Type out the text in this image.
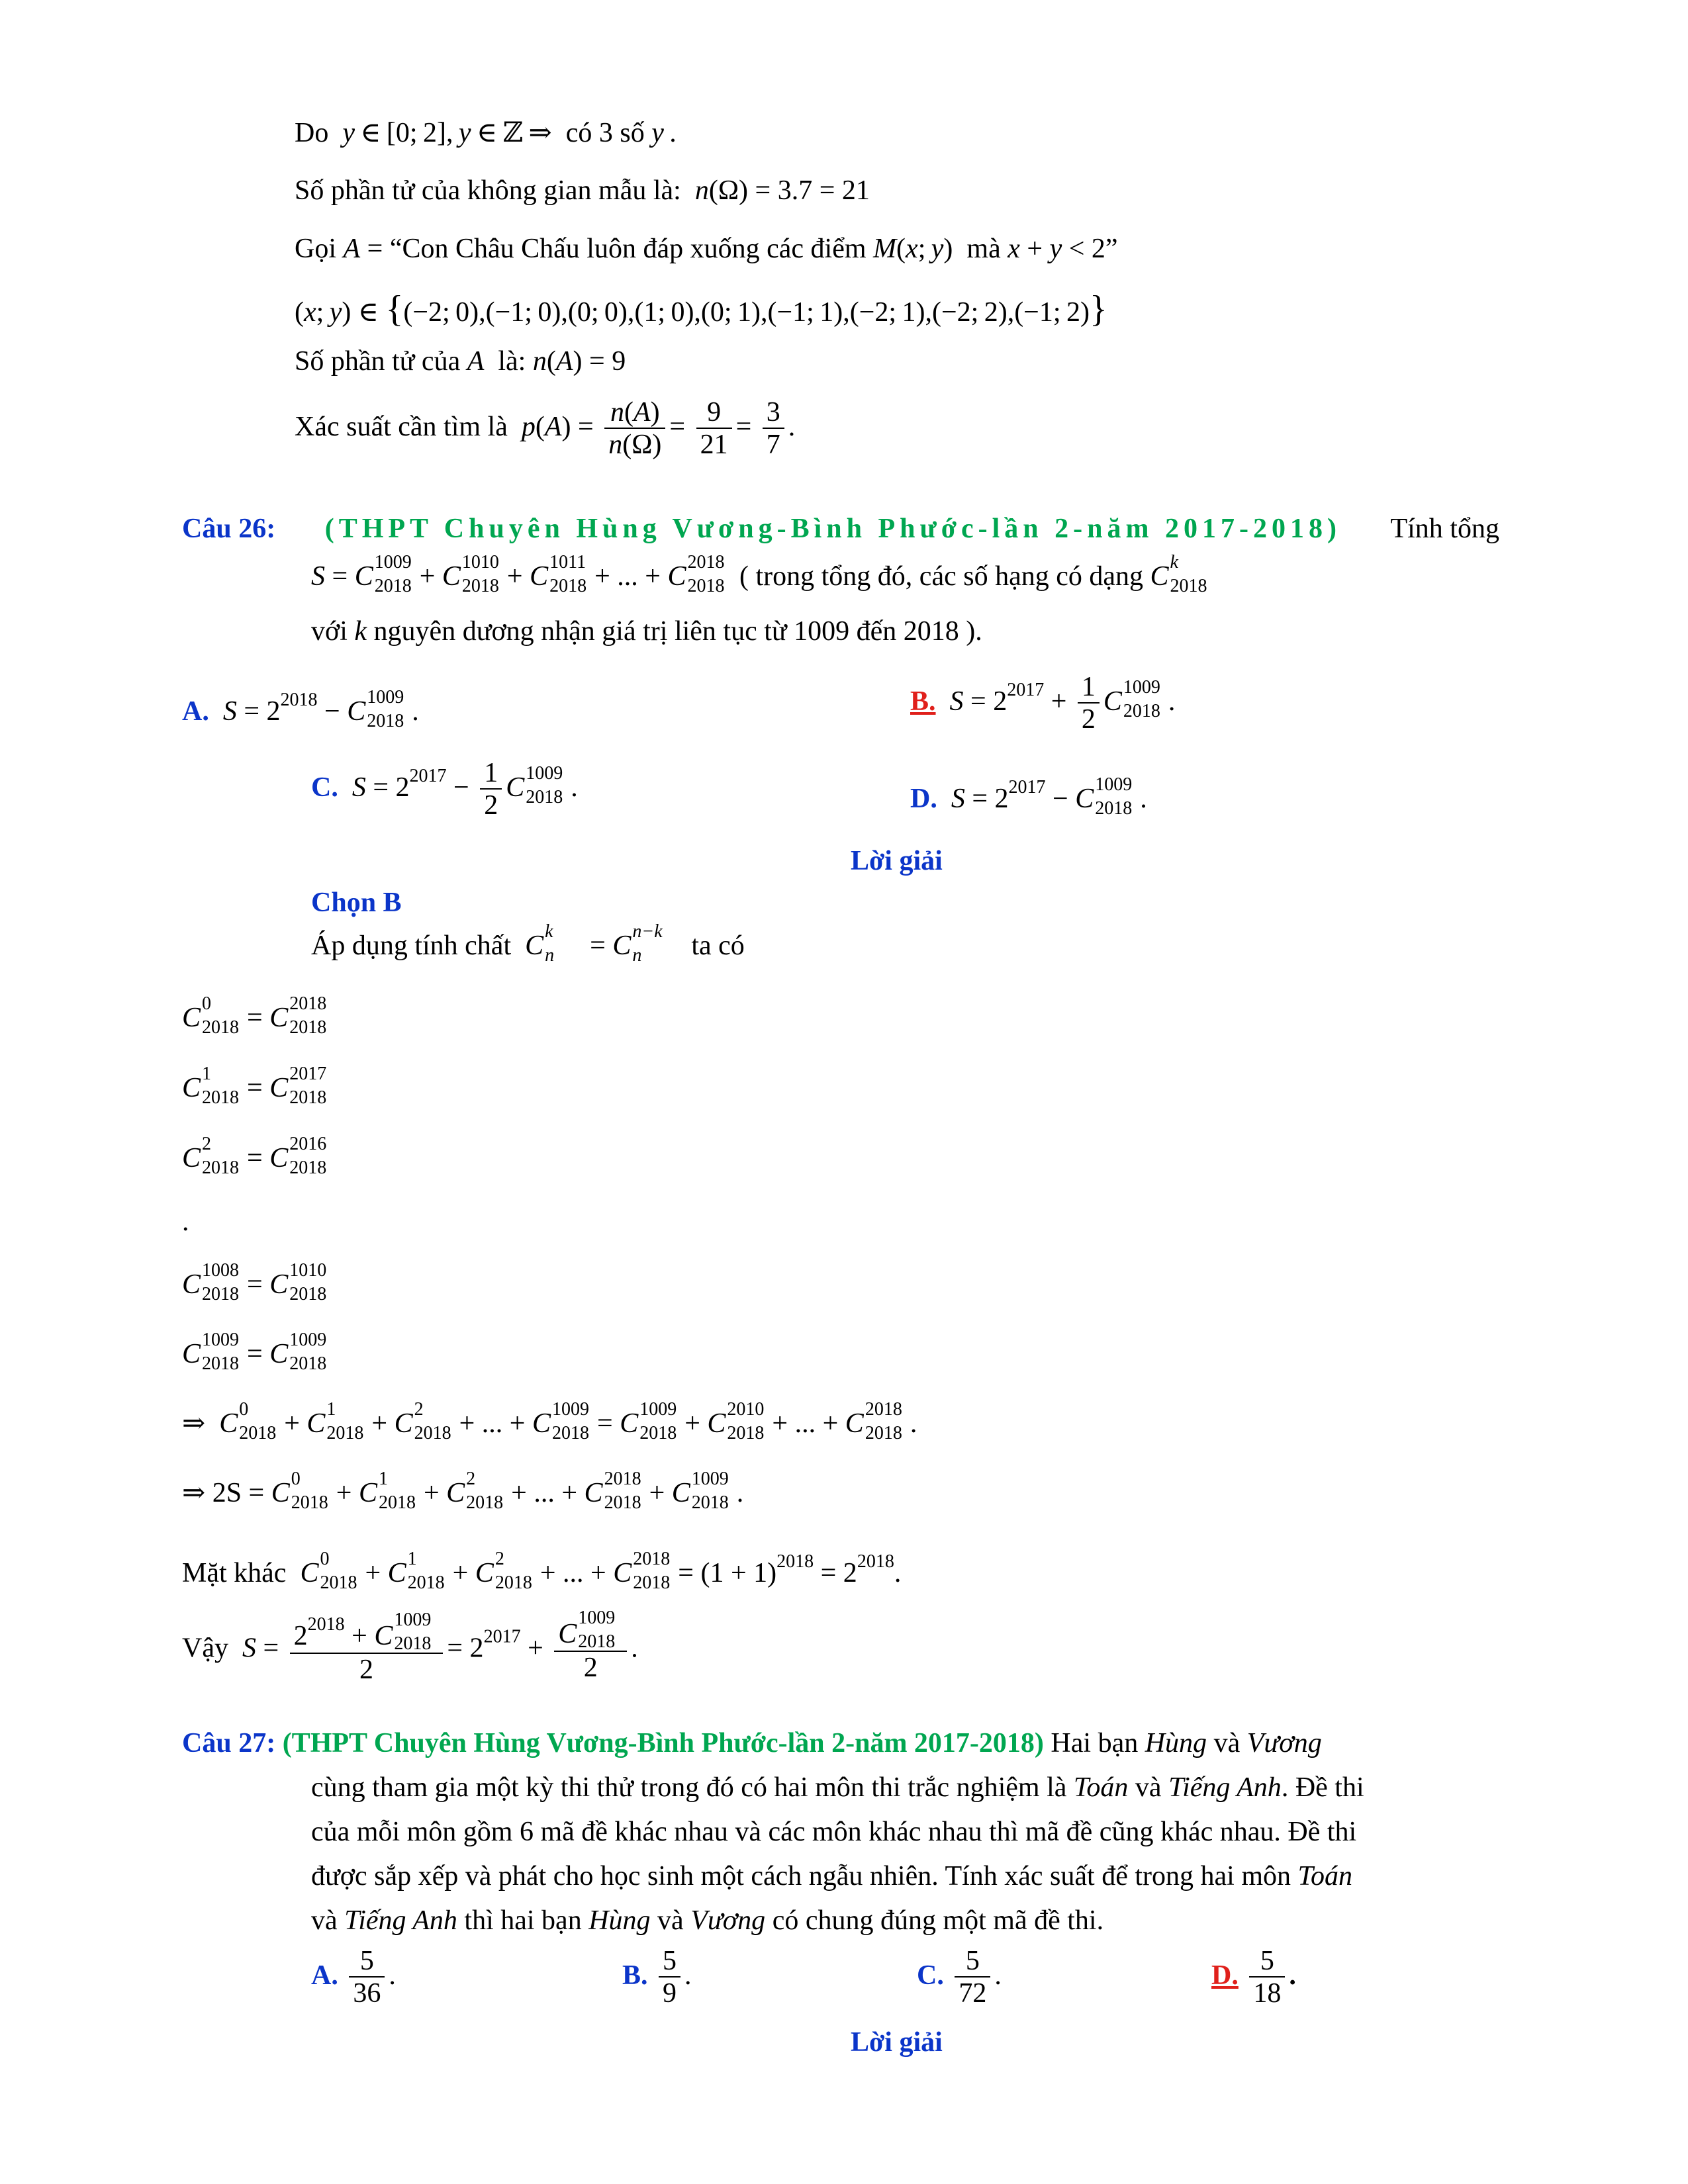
Do y ∈ [0; 2], y ∈ ℤ ⇒  có 3 số y .
Số phần tử của không gian mẫu là: n(Ω) = 3.7 = 21
Gọi A = “Con Châu Chấu luôn đáp xuống các điểm M(x; y)  mà x + y < 2”
(x; y) ∈ {(−2; 0),(−1; 0),(0; 0),(1; 0),(0; 1),(−1; 1),(−2; 1),(−2; 2),(−1; 2)}
Số phần tử của A là: n(A) = 9
Xác suất cần tìm là $p(A) = \frac{n(A)}{n(\Omega)} = \frac{9}{21} = \frac{3}{7}$ .
Câu 26: (THPT Chuyên Hùng Vương-Bình Phước-lần 2-năm 2017-2018) Tính tổng
S = C 1009
2018 + C 1010
2018 + C 1011
2018 + ... + C 2018
2018 ( trong tổng đó, các số hạng có dạng C k
2018
với k nguyên dương nhận giá trị liên tục từ 1009 đến 2018 ).
A. $S = 2^{2018} - C$ 1009
2018 .	B. $S = 2^{2017} + \frac{1}{2}$ C 1009
2018 .
C. $S = 2^{2017} - \frac{1}{2}$ C 1009
2018 .	D. $S = 2^{2017} - C$ 1009
2018 .
Lời giải
Chọn B
Áp dụng tính chất C k
n = C n−k
n ta có
C 0
2018 = C 2018
2018
C 1
2018 = C 2017
2018
C 2
2018 = C 2016
2018
.
C 1008
2018 = C 1010
2018
C 1009
2018 = C 1009
2018
⇒  C 0
2018 + C 1
2018 + C 2
2018 + ... + C 1009
2018 = C 1009
2018 + C 2010
2018 + ... + C 2018
2018 .
⇒ 2S = C 0
2018 + C 1
2018 + C 2
2018 + ... + C 2018
2018 + C 1009
2018 .
Mặt khác C 0
2018 + C 1
2018 + C 2
2018 + ... + C 2018
$2018 = (1 + 1)^{2018} = 2^{2018}$.
Vậy $S = 2^{2018} + C$
1009
2018
$2 = 2^{2017} + C$
1009
2018
2 .
Câu 27: (THPT Chuyên Hùng Vương-Bình Phước-lần 2-năm 2017-2018) Hai bạn Hùng và Vương
cùng tham gia một kỳ thi thử trong đó có hai môn thi trắc nghiệm là Toán và Tiếng Anh. Đề thi
của mỗi môn gồm 6 mã đề khác nhau và các môn khác nhau thì mã đề cũng khác nhau. Đề thi
được sắp xếp và phát cho học sinh một cách ngẫu nhiên. Tính xác suất để trong hai môn Toán
và Tiếng Anh thì hai bạn Hùng và Vương có chung đúng một mã đề thi.
A. $\frac{5}{36}$ .	B. $\frac{5}{9}$ .	C. $\frac{5}{72}$ .	D. $\frac{5}{18}$ .
Lời giải
